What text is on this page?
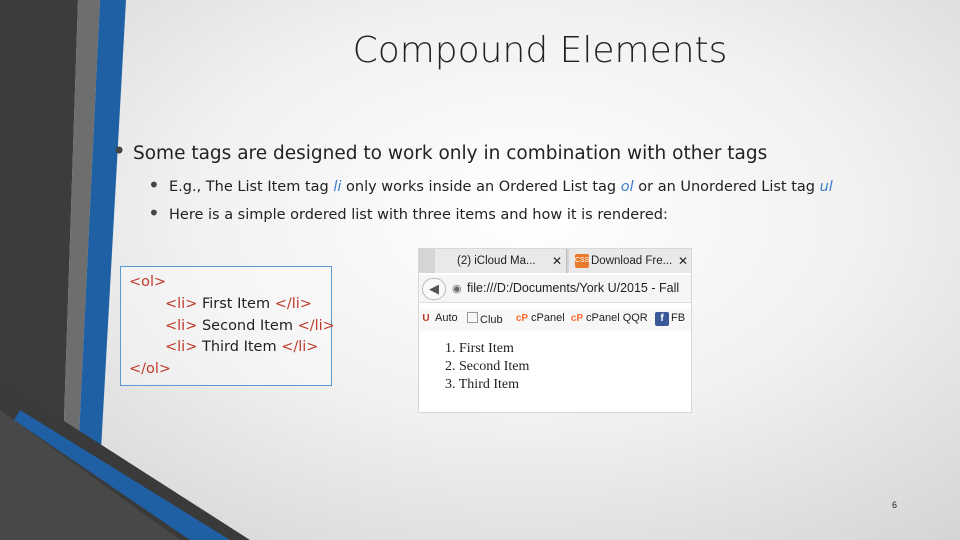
Compound Elements
• Some tags are designed to work only in combination with other tags
• E.g., The List Item tag li only works inside an Ordered List tag ol or an Unordered List tag ul
• Here is a simple ordered list with three items and how it is rendered:
<ol>
<li> First Item </li>
<li> Second Item </li>
<li> Third Item </li>
</ol>
(2) iCloud Ma... ✕ CSS Download Fre... ✕
◀	◉ file:///D:/Documents/York U/2015 - Fall
U Auto	Club cP cPanel cP cPanel QQR	f FB
1. First Item
2. Second Item
3. Third Item
6
